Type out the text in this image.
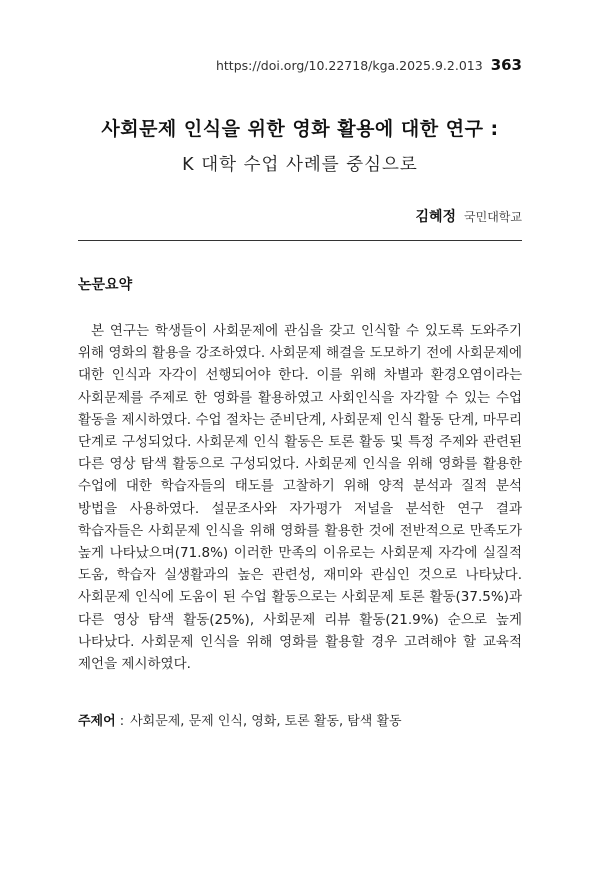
https://doi.org/10.22718/kga.2025.9.2.013 363
사회문제 인식을 위한 영화 활용에 대한 연구 :
K 대학 수업 사례를 중심으로
김혜정 국민대학교
논문요약

본 연구는 학생들이 사회문제에 관심을 갖고 인식할 수 있도록 도와주기 위해 영화의 활용을 강조하였다. 사회문제 해결을 도모하기 전에 사회문제에 대한 인식과 자각이 선행되어야 한다. 이를 위해 차별과 환경오염이라는 사회문제를 주제로 한 영화를 활용하였고 사회인식을 자각할 수 있는 수업 활동을 제시하였다. 수업 절차는 준비단계, 사회문제 인식 활동 단계, 마무리 단계로 구성되었다. 사회문제 인식 활동은 토론 활동 및 특정 주제와 관련된 다른 영상 탐색 활동으로 구성되었다. 사회문제 인식을 위해 영화를 활용한 수업에 대한 학습자들의 태도를 고찰하기 위해 양적 분석과 질적 분석 방법을 사용하였다. 설문조사와 자가평가 저널을 분석한 연구 결과 학습자들은 사회문제 인식을 위해 영화를 활용한 것에 전반적으로 만족도가 높게 나타났으며(71.8%) 이러한 만족의 이유로는 사회문제 자각에 실질적 도움, 학습자 실생활과의 높은 관련성, 재미와 관심인 것으로 나타났다. 사회문제 인식에 도움이 된 수업 활동으로는 사회문제 토론 활동(37.5%)과 다른 영상 탐색 활동(25%), 사회문제 리뷰 활동(21.9%) 순으로 높게 나타났다. 사회문제 인식을 위해 영화를 활용할 경우 고려해야 할 교육적 제언을 제시하였다.

주제어 : 사회문제, 문제 인식, 영화, 토론 활동, 탐색 활동
